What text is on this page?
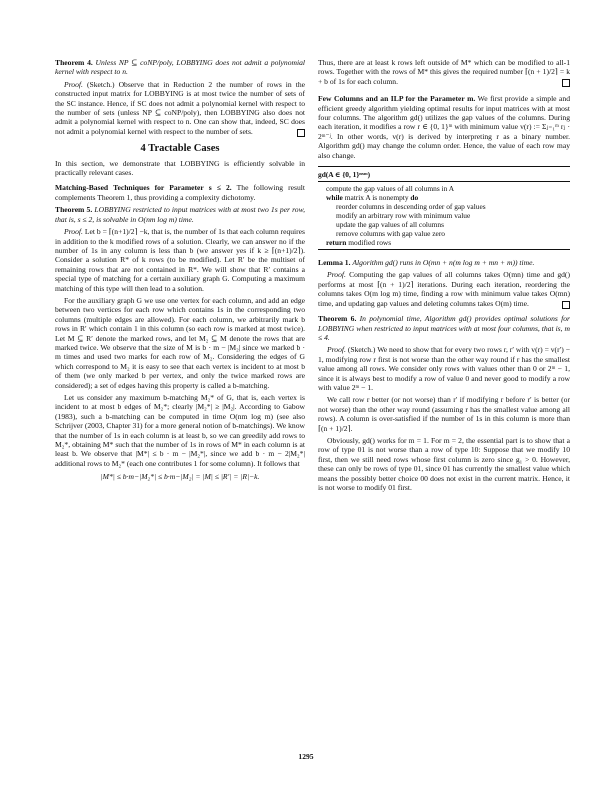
Theorem 4. Unless NP ⊆ coNP/poly, LOBBYING does not admit a polynomial kernel with respect to n.

Proof. (Sketch.) Observe that in Reduction 2 the number of rows in the constructed input matrix for LOBBYING is at most twice the number of sets of the SC instance. Hence, if SC does not admit a polynomial kernel with respect to the number of sets (unless NP ⊆ coNP/poly), then LOBBYING also does not admit a polynomial kernel with respect to n. One can show that, indeed, SC does not admit a polynomial kernel with respect to the number of sets.

4 Tractable Cases

In this section, we demonstrate that LOBBYING is efficiently solvable in practically relevant cases.

Matching-Based Techniques for Parameter s ≤ 2. The following result complements Theorem 1, thus providing a complexity dichotomy.

Theorem 5. LOBBYING restricted to input matrices with at most two 1s per row, that is, s ≤ 2, is solvable in O(nm log m) time.

Proof. Let b = ⌈(n+1)/2⌉ −k, that is, the number of 1s that each column requires in addition to the k modified rows of a solution. Clearly, we can answer no if the number of 1s in any column is less than b (we answer yes if k ≥ ⌈(n+1)/2⌉). Consider a solution R* of k rows (to be modified). Let R′ be the multiset of remaining rows that are not contained in R*. We will show that R′ contains a special type of matching for a certain auxiliary graph G. Computing a maximum matching of this type will then lead to a solution.

For the auxiliary graph G we use one vertex for each column, and add an edge between two vertices for each row which contains 1s in the corresponding two columns (multiple edges are allowed). For each column, we arbitrarily mark b rows in R′ which contain 1 in this column (so each row is marked at most twice). Let M ⊆ R′ denote the marked rows, and let M₂ ⊆ M denote the rows that are marked twice. We observe that the size of M is b · m − |M₂| since we marked b · m times and used two marks for each row of M₂. Considering the edges of G which correspond to M₂ it is easy to see that each vertex is incident to at most b of them (we only marked b per vertex, and only the twice marked rows are considered); a set of edges having this property is called a b-matching.

Let us consider any maximum b-matching M₂* of G, that is, each vertex is incident to at most b edges of M₂*; clearly |M₂*| ≥ |M₂|. According to Gabow (1983), such a b-matching can be computed in time O(nm log m) (see also Schrijver (2003, Chapter 31) for a more general notion of b-matchings). We know that the number of 1s in each column is at least b, so we can greedily add rows to M₂*, obtaining M* such that the number of 1s in rows of M* in each column is at least b. We observe that |M*| ≤ b · m − |M₂*|, since we add b · m − 2|M₂*| additional rows to M₂* (each one contributes 1 for some column). It follows that

|M*| ≤ b·m−|M₂*| ≤ b·m−|M₂| = |M| ≤ |R′| = |R|−k.

Thus, there are at least k rows left outside of M* which can be modified to all-1 rows. Together with the rows of M* this gives the required number ⌈(n + 1)/2⌉ = k + b of 1s for each column.

Few Columns and an ILP for the Parameter m. We first provide a simple and efficient greedy algorithm yielding optimal results for input matrices with at most four columns. The algorithm gd() utilizes the gap values of the columns. During each iteration, it modifies a row r ∈ {0, 1}ᵐ with minimum value v(r) := Σⱼ₌₁ᵐ rⱼ · 2ᵐ⁻ʲ. In other words, v(r) is derived by interpreting r as a binary number. Algorithm gd() may change the column order. Hence, the value of each row may also change.

gd(A ∈ {0, 1}ⁿˣᵐ)
compute the gap values of all columns in A
while matrix A is nonempty do
reorder columns in descending order of gap values
modify an arbitrary row with minimum value
update the gap values of all columns
remove columns with gap value zero
return modified rows

Lemma 1. Algorithm gd() runs in O(mn + n(m log m + mn + m)) time.

Proof. Computing the gap values of all columns takes O(mn) time and gd() performs at most ⌈(n + 1)/2⌉ iterations. During each iteration, reordering the columns takes O(m log m) time, finding a row with minimum value takes O(mn) time, and updating gap values and deleting columns takes O(m) time.

Theorem 6. In polynomial time, Algorithm gd() provides optimal solutions for LOBBYING when restricted to input matrices with at most four columns, that is, m ≤ 4.

Proof. (Sketch.) We need to show that for every two rows r, r′ with v(r) = v(r′) − 1, modifying row r first is not worse than the other way round if r has the smallest value among all rows. We consider only rows with values other than 0 or 2ᵐ − 1, since it is always best to modify a row of value 0 and never good to modify a row with value 2ᵐ − 1.

We call row r better (or not worse) than r′ if modifying r before r′ is better (or not worse) than the other way round (assuming r has the smallest value among all rows). A column is over-satisfied if the number of 1s in this column is more than ⌈(n + 1)/2⌉.

Obviously, gd() works for m = 1. For m = 2, the essential part is to show that a row of type 01 is not worse than a row of type 10: Suppose that we modify 10 first, then we still need rows whose first column is zero since g₁ > 0. However, these can only be rows of type 01, since 01 has currently the smallest value which means the possibly better choice 00 does not exist in the current matrix. Hence, it is not worse to modify 01 first.

1295
